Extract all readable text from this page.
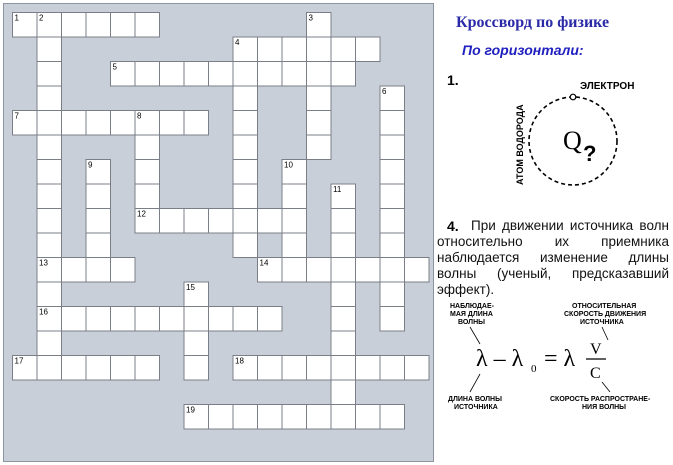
1	2	3
4
5
6
7	8
9	10
11
12
13	14
15
16
17	18
19
Кроссворд по физике
По горизонтали:
1.	ЭЛЕКТРОН
АТОМ ВОДОРОДА Q ?
4. При движении источника волн относительно их приемника наблюдается изменение длины волны (ученый, предсказавший эффект).
НАБЛЮДАЕ-
МАЯ ДЛИНА
ВОЛНЫ
ОТНОСИТЕЛЬНАЯ
СКОРОСТЬ ДВИЖЕНИЯ
ИСТОЧНИКА
λ – λ 0 = λ V
C
ДЛИНА ВОЛНЫ
ИСТОЧНИКА
СКОРОСТЬ РАСПРОСТРАНЕ-
НИЯ ВОЛНЫ
